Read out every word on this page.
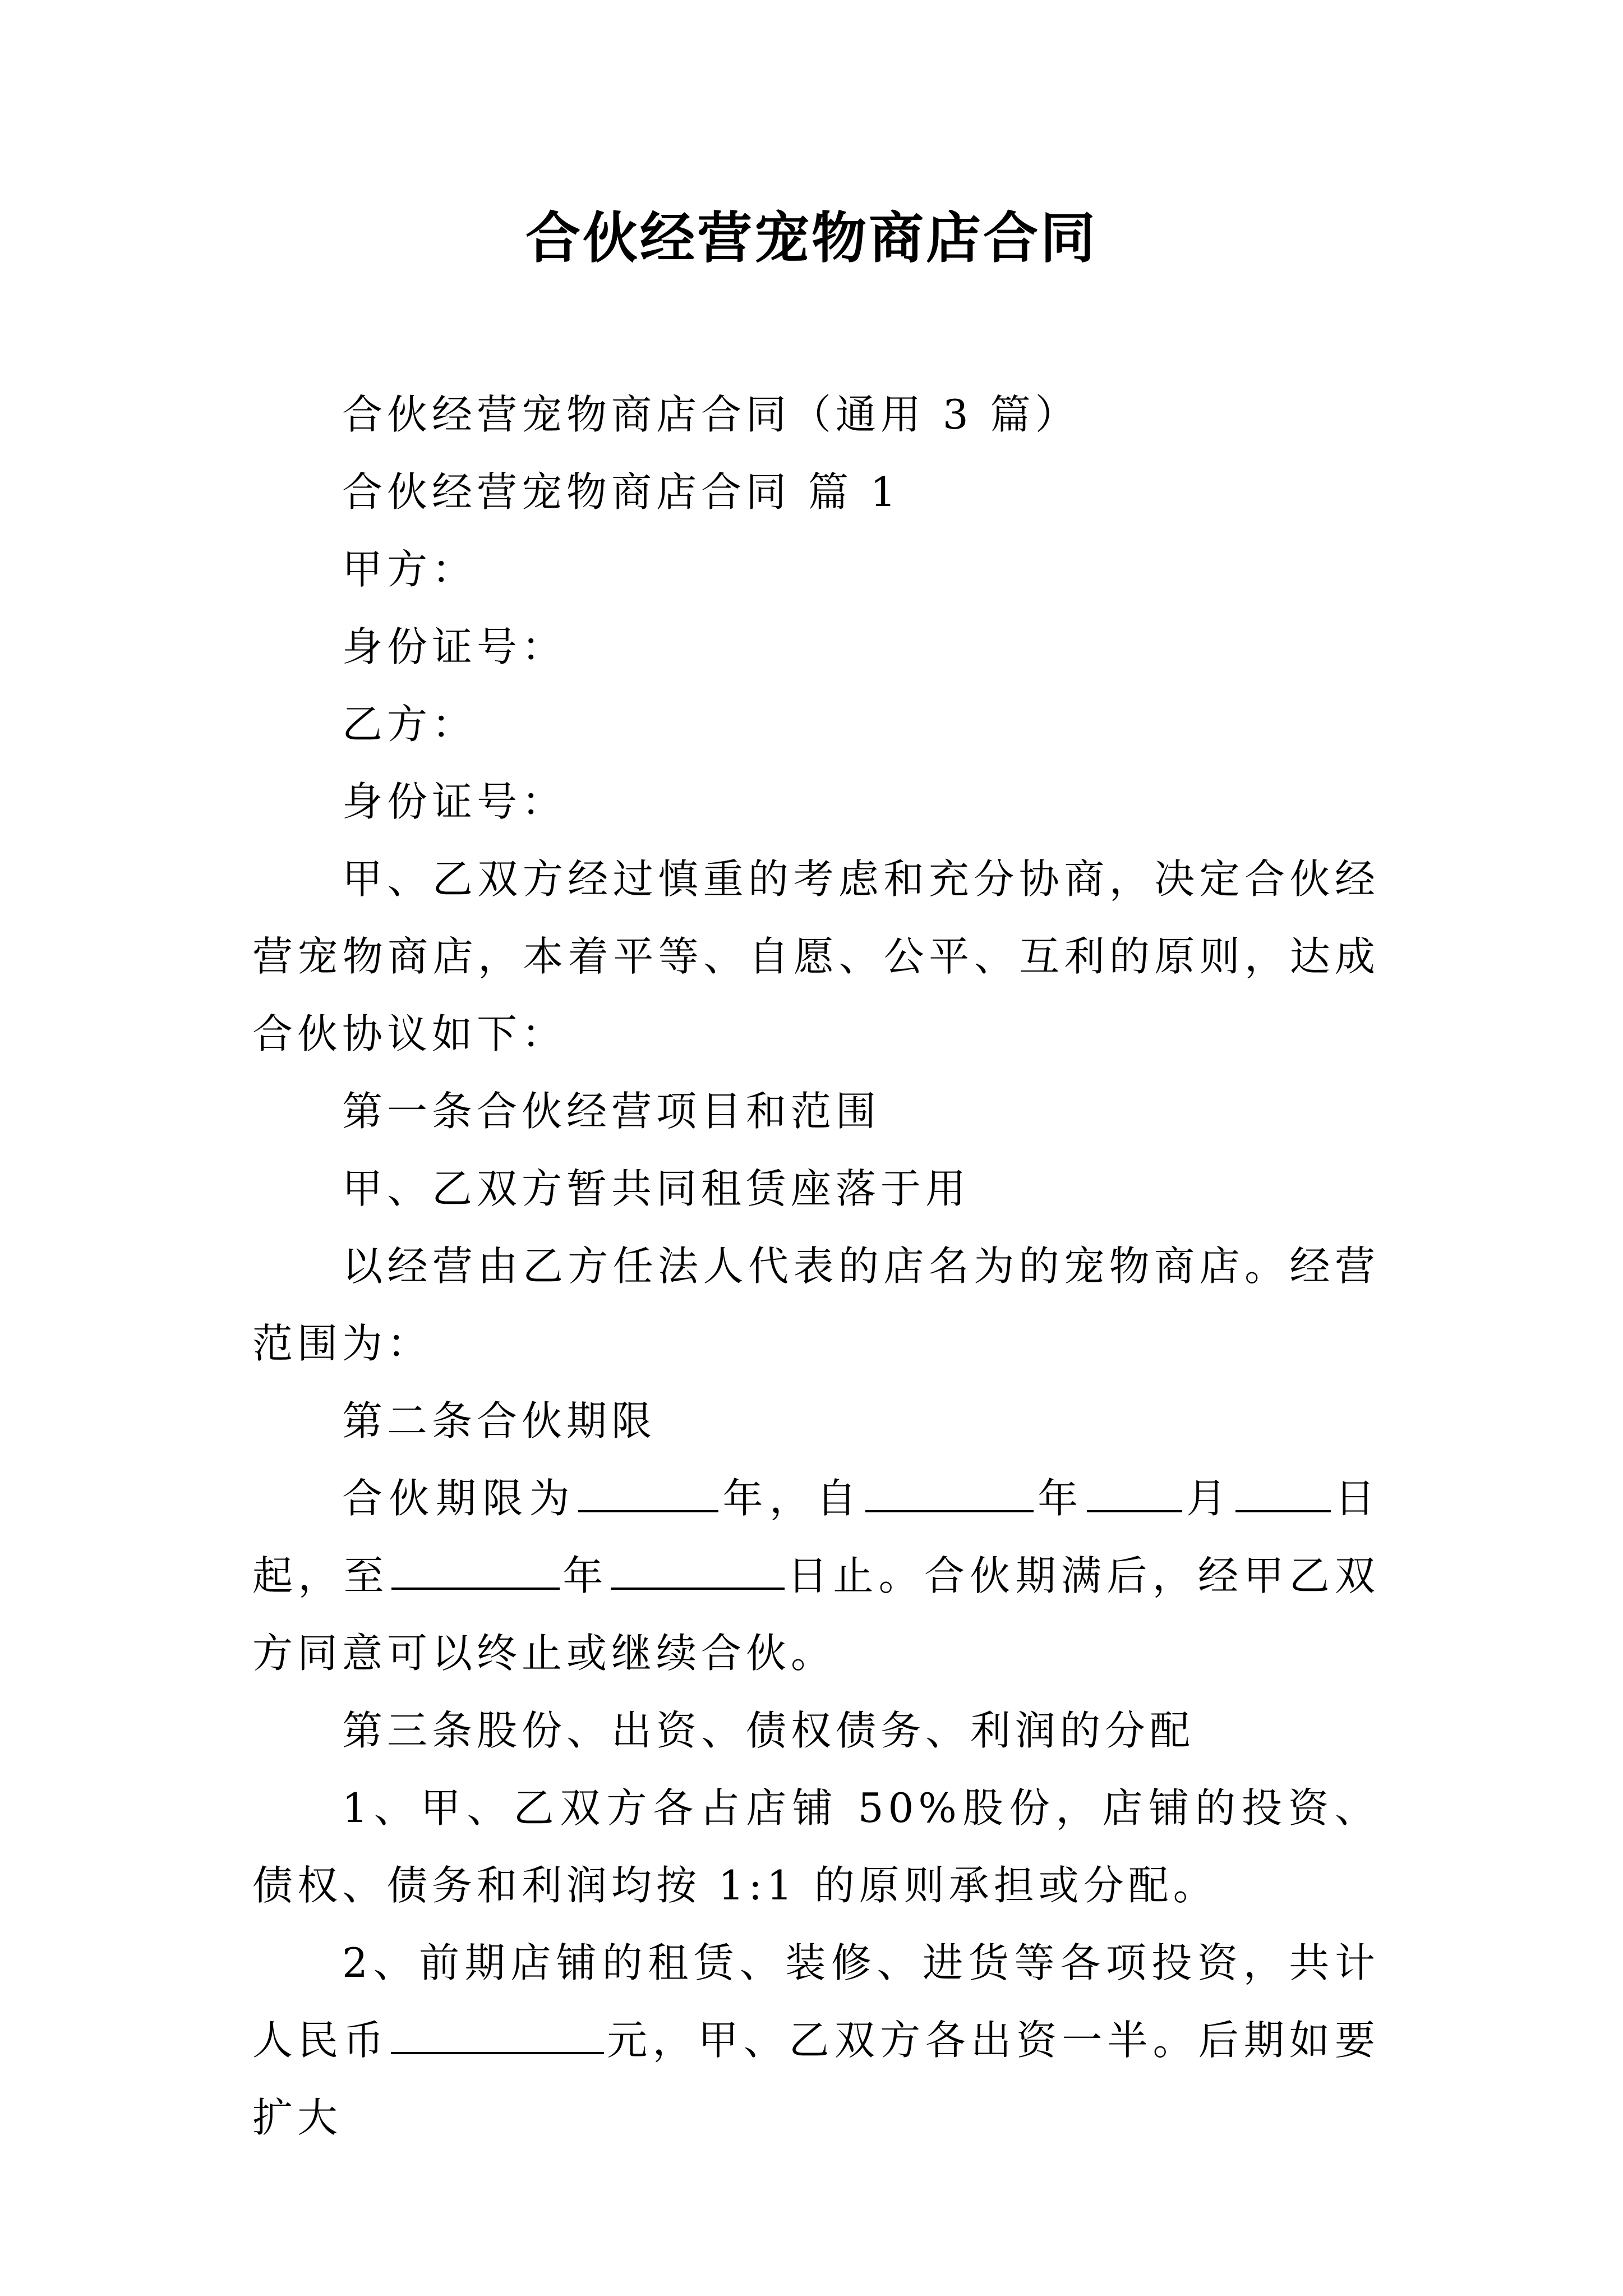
合伙经营宠物商店合同

合伙经营宠物商店合同（通用 3 篇）

合伙经营宠物商店合同 篇 1

甲方：

身份证号：

乙方：

身份证号：

甲、乙双方经过慎重的考虑和充分协商，决定合伙经营宠物商店，本着平等、自愿、公平、互利的原则，达成合伙协议如下：

第一条合伙经营项目和范围

甲、乙双方暂共同租赁座落于用

以经营由乙方任法人代表的店名为的宠物商店。经营范围为：

第二条合伙期限

合伙期限为	年，自	年 月 日起，至	年	日止。合伙期满后，经甲乙双方同意可以终止或继续合伙。

第三条股份、出资、债权债务、利润的分配

1、甲、乙双方各占店铺 50%股份，店铺的投资、债权、债务和利润均按 1:1 的原则承担或分配。

2、前期店铺的租赁、装修、进货等各项投资，共计人民币	元，甲、乙双方各出资一半。后期如要扩大
